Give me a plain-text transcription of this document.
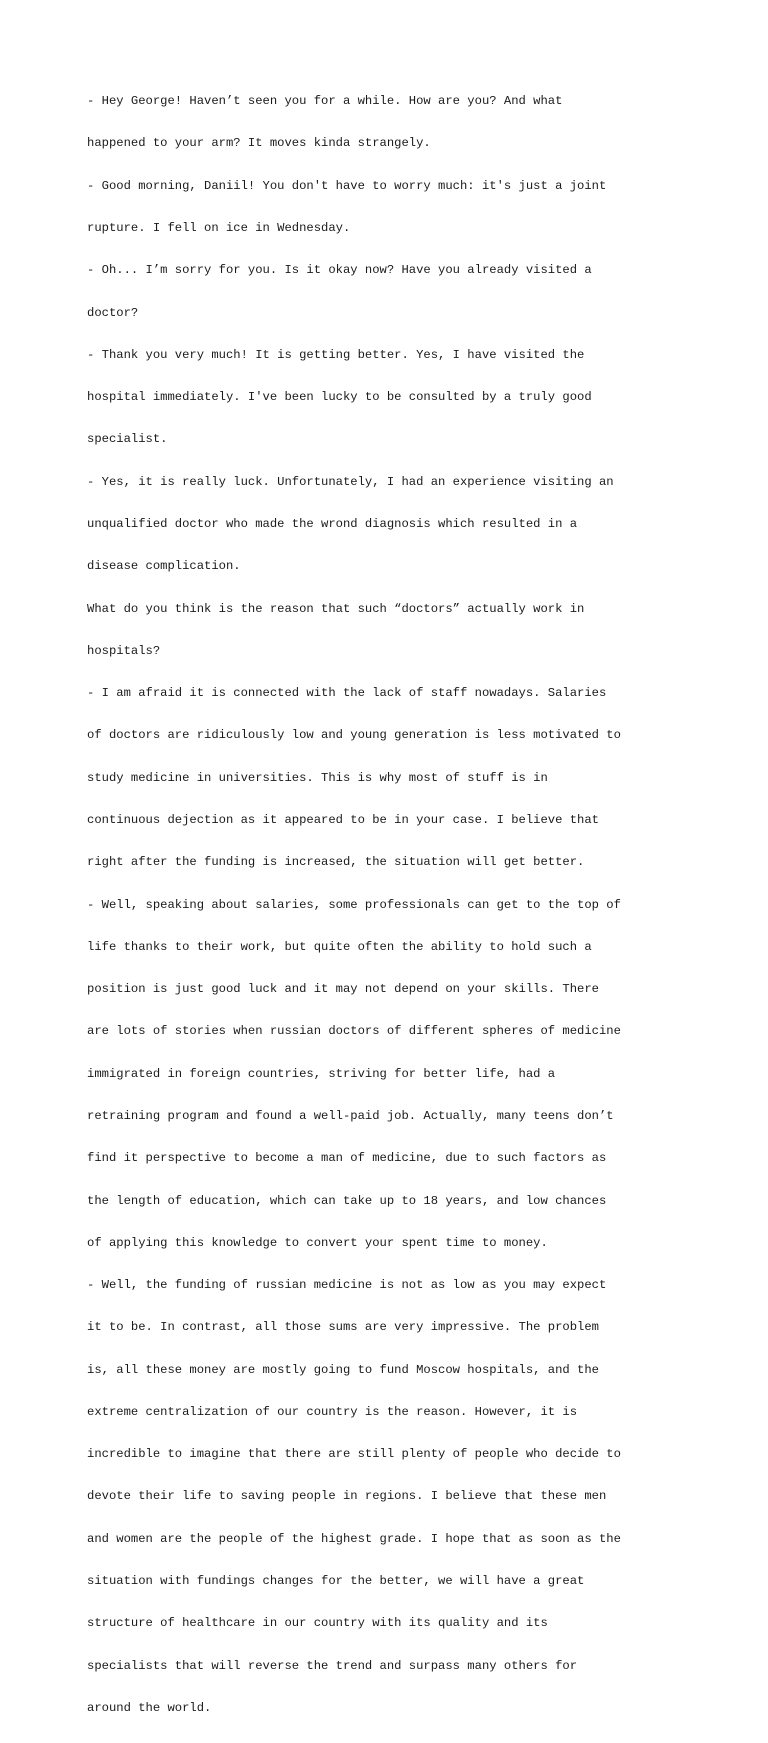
- Hey George! Haven’t seen you for a while. How are you? And what

happened to your arm? It moves kinda strangely.

- Good morning, Daniil! You don't have to worry much: it's just a joint

rupture. I fell on ice in Wednesday.

- Oh... I’m sorry for you. Is it okay now? Have you already visited a

doctor?

- Thank you very much! It is getting better. Yes, I have visited the

hospital immediately. I've been lucky to be consulted by a truly good

specialist.

- Yes, it is really luck. Unfortunately, I had an experience visiting an

unqualified doctor who made the wrond diagnosis which resulted in a

disease complication.

What do you think is the reason that such “doctors” actually work in

hospitals?

- I am afraid it is connected with the lack of staff nowadays. Salaries

of doctors are ridiculously low and young generation is less motivated to

study medicine in universities. This is why most of stuff is in

continuous dejection as it appeared to be in your case. I believe that

right after the funding is increased, the situation will get better.

- Well, speaking about salaries, some professionals can get to the top of

life thanks to their work, but quite often the ability to hold such a

position is just good luck and it may not depend on your skills. There

are lots of stories when russian doctors of different spheres of medicine

immigrated in foreign countries, striving for better life, had a

retraining program and found a well-paid job. Actually, many teens don’t

find it perspective to become a man of medicine, due to such factors as

the length of education, which can take up to 18 years, and low chances

of applying this knowledge to convert your spent time to money.

- Well, the funding of russian medicine is not as low as you may expect

it to be. In contrast, all those sums are very impressive. The problem

is, all these money are mostly going to fund Moscow hospitals, and the

extreme centralization of our country is the reason. However, it is

incredible to imagine that there are still plenty of people who decide to

devote their life to saving people in regions. I believe that these men

and women are the people of the highest grade. I hope that as soon as the

situation with fundings changes for the better, we will have a great

structure of healthcare in our country with its quality and its

specialists that will reverse the trend and surpass many others for

around the world.
